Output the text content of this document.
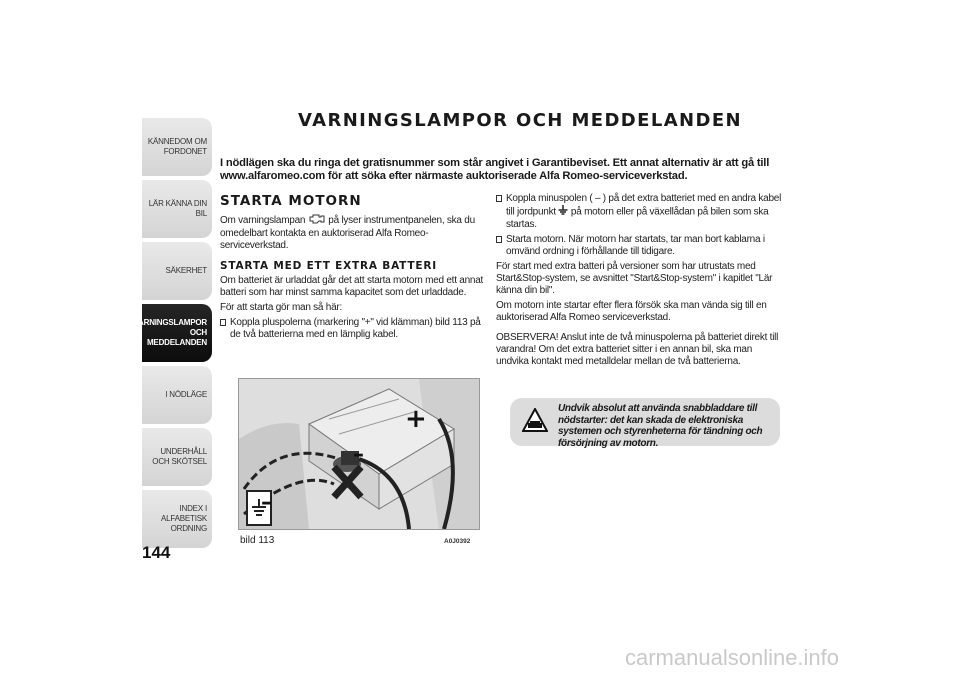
KÄNNEDOM OM FORDONET
LÄR KÄNNA DIN BIL
SÄKERHET
VARNINGSLAMPOR OCH MEDDELANDEN
I NÖDLÄGE
UNDERHÅLL OCH SKÖTSEL
INDEX I ALFABETISK ORDNING
144
VARNINGSLAMPOR OCH MEDDELANDEN

I nödlägen ska du ringa det gratisnummer som står angivet i Garantibeviset. Ett annat alternativ är att gå till

www.alfaromeo.com för att söka efter närmaste auktoriserade Alfa Romeo-serviceverkstad.

STARTA MOTORN

Om varningslampan på lyser instrumentpanelen, ska du omedelbart kontakta en auktoriserad Alfa Romeo-serviceverkstad.

STARTA MED ETT EXTRA BATTERI

Om batteriet är urladdat går det att starta motorn med ett annat batteri som har minst samma kapacitet som det urladdade.

För att starta gör man så här:

Koppla pluspolerna (markering "+" vid klämman) bild 113 på de två batterierna med en lämplig kabel.

+
–
–
bild 113	A0J0392

Koppla minuspolen ( – ) på det extra batteriet med en andra kabel till jordpunkt på motorn eller på växellådan på bilen som ska startas.

Starta motorn. När motorn har startats, tar man bort kablarna i omvänd ordning i förhållande till tidigare.

För start med extra batteri på versioner som har utrustats med Start&Stop-system, se avsnittet "Start&Stop-system" i kapitlet "Lär känna din bil".

Om motorn inte startar efter flera försök ska man vända sig till en auktoriserad Alfa Romeo serviceverkstad.

OBSERVERA! Anslut inte de två minuspolerna på batteriet direkt till varandra! Om det extra batteriet sitter i en annan bil, ska man undvika kontakt med metalldelar mellan de två batterierna.

Undvik absolut att använda snabbladdare till nödstarter: det kan skada de elektroniska systemen och styrenheterna för tändning och försörjning av motorn.
carmanualsonline.info
